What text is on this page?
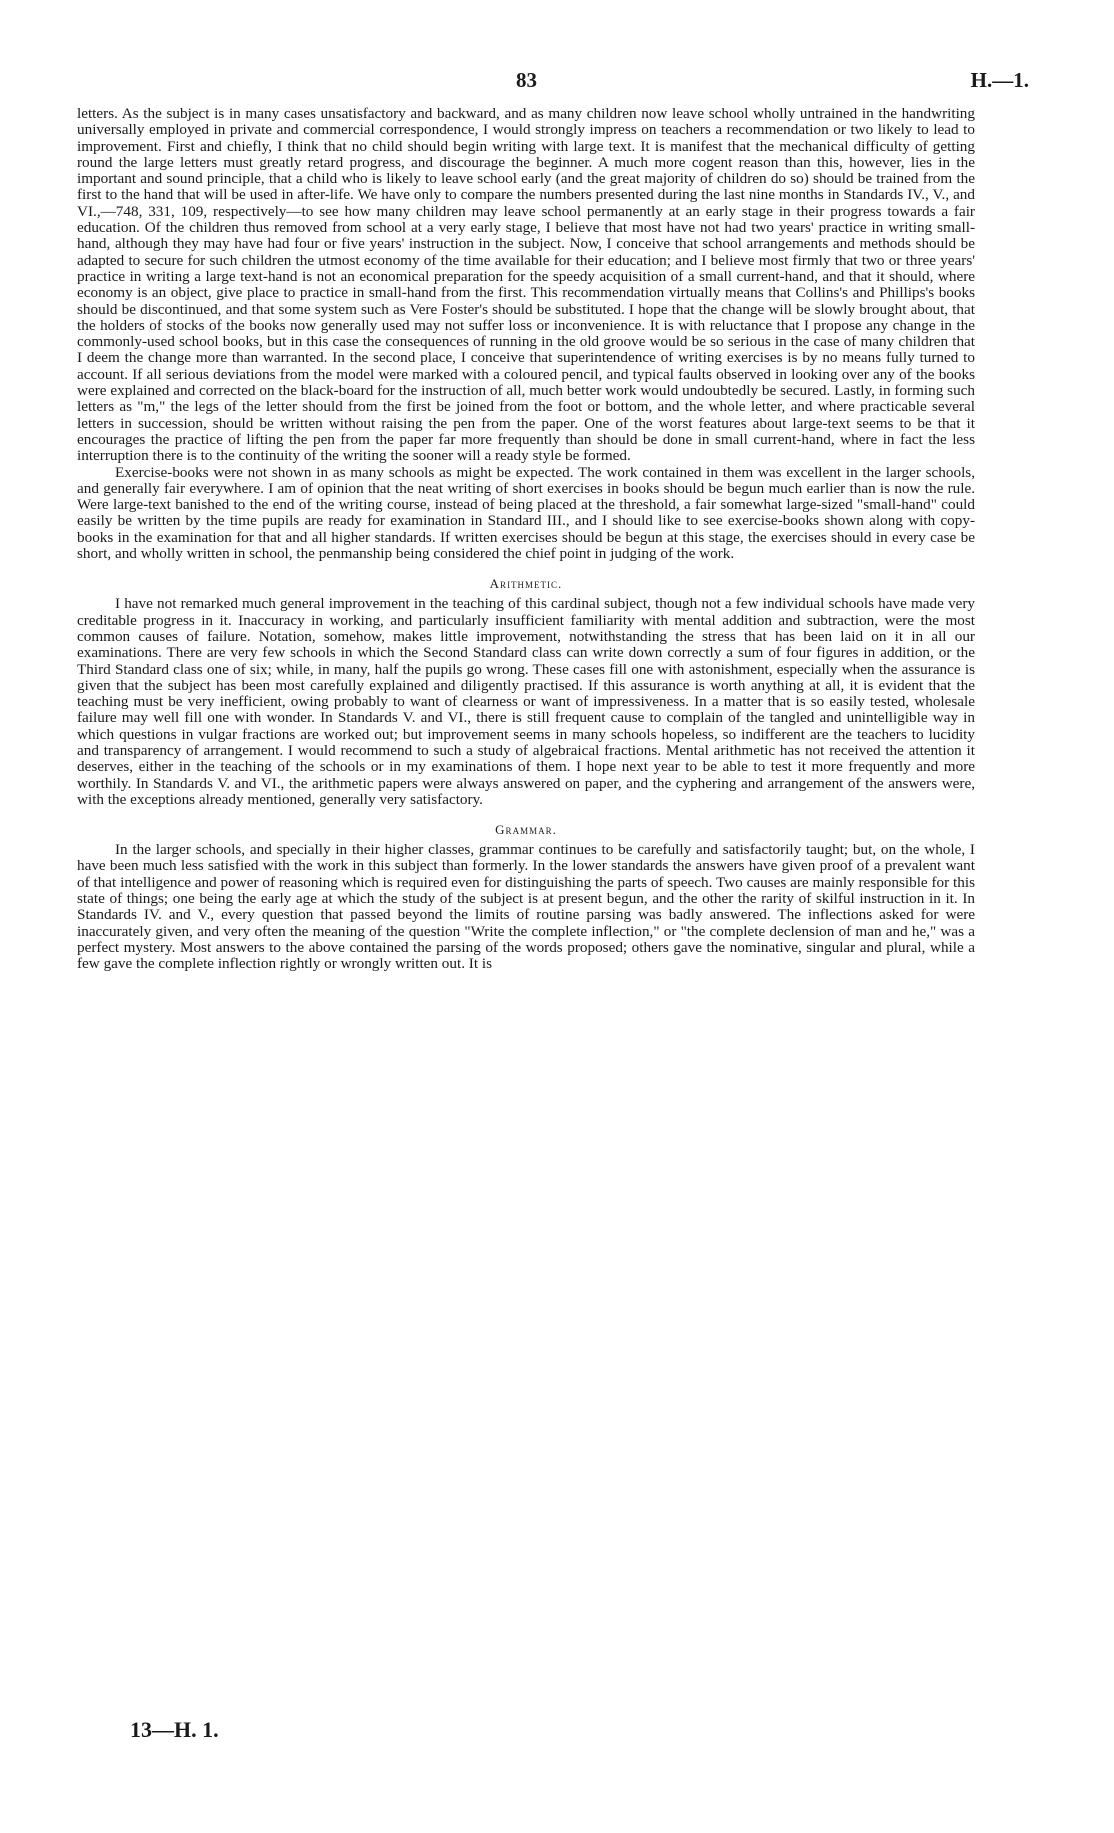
83	H.—1.

letters. As the subject is in many cases unsatisfactory and backward, and as many children now leave school wholly untrained in the handwriting universally employed in private and commercial correspondence, I would strongly impress on teachers a recommendation or two likely to lead to improvement. First and chiefly, I think that no child should begin writing with large text. It is manifest that the mechanical difficulty of getting round the large letters must greatly retard progress, and discourage the beginner. A much more cogent reason than this, however, lies in the important and sound principle, that a child who is likely to leave school early (and the great majority of children do so) should be trained from the first to the hand that will be used in after-life. We have only to compare the numbers presented during the last nine months in Standards IV., V., and VI.,—748, 331, 109, respectively—to see how many children may leave school permanently at an early stage in their progress towards a fair education. Of the children thus removed from school at a very early stage, I believe that most have not had two years' practice in writing small-hand, although they may have had four or five years' instruction in the subject. Now, I conceive that school arrangements and methods should be adapted to secure for such children the utmost economy of the time available for their education; and I believe most firmly that two or three years' practice in writing a large text-hand is not an economical preparation for the speedy acquisition of a small current-hand, and that it should, where economy is an object, give place to practice in small-hand from the first. This recommendation virtually means that Collins's and Phillips's books should be discontinued, and that some system such as Vere Foster's should be substituted. I hope that the change will be slowly brought about, that the holders of stocks of the books now generally used may not suffer loss or inconvenience. It is with reluctance that I propose any change in the commonly-used school books, but in this case the consequences of running in the old groove would be so serious in the case of many children that I deem the change more than warranted. In the second place, I conceive that superintendence of writing exercises is by no means fully turned to account. If all serious deviations from the model were marked with a coloured pencil, and typical faults observed in looking over any of the books were explained and corrected on the black-board for the instruction of all, much better work would undoubtedly be secured. Lastly, in forming such letters as "m," the legs of the letter should from the first be joined from the foot or bottom, and the whole letter, and where practicable several letters in succession, should be written without raising the pen from the paper. One of the worst features about large-text seems to be that it encourages the practice of lifting the pen from the paper far more frequently than should be done in small current-hand, where in fact the less interruption there is to the continuity of the writing the sooner will a ready style be formed.

Exercise-books were not shown in as many schools as might be expected. The work contained in them was excellent in the larger schools, and generally fair everywhere. I am of opinion that the neat writing of short exercises in books should be begun much earlier than is now the rule. Were large-text banished to the end of the writing course, instead of being placed at the threshold, a fair somewhat large-sized "small-hand" could easily be written by the time pupils are ready for examination in Standard III., and I should like to see exercise-books shown along with copy-books in the examination for that and all higher standards. If written exercises should be begun at this stage, the exercises should in every case be short, and wholly written in school, the penmanship being considered the chief point in judging of the work.

Arithmetic.

I have not remarked much general improvement in the teaching of this cardinal subject, though not a few individual schools have made very creditable progress in it. Inaccuracy in working, and particularly insufficient familiarity with mental addition and subtraction, were the most common causes of failure. Notation, somehow, makes little improvement, notwithstanding the stress that has been laid on it in all our examinations. There are very few schools in which the Second Standard class can write down correctly a sum of four figures in addition, or the Third Standard class one of six; while, in many, half the pupils go wrong. These cases fill one with astonishment, especially when the assurance is given that the subject has been most carefully explained and diligently practised. If this assurance is worth anything at all, it is evident that the teaching must be very inefficient, owing probably to want of clearness or want of impressiveness. In a matter that is so easily tested, wholesale failure may well fill one with wonder. In Standards V. and VI., there is still frequent cause to complain of the tangled and unintelligible way in which questions in vulgar fractions are worked out; but improvement seems in many schools hopeless, so indifferent are the teachers to lucidity and transparency of arrangement. I would recommend to such a study of algebraical fractions. Mental arithmetic has not received the attention it deserves, either in the teaching of the schools or in my examinations of them. I hope next year to be able to test it more frequently and more worthily. In Standards V. and VI., the arithmetic papers were always answered on paper, and the cyphering and arrangement of the answers were, with the exceptions already mentioned, generally very satisfactory.

Grammar.

In the larger schools, and specially in their higher classes, grammar continues to be carefully and satisfactorily taught; but, on the whole, I have been much less satisfied with the work in this subject than formerly. In the lower standards the answers have given proof of a prevalent want of that intelligence and power of reasoning which is required even for distinguishing the parts of speech. Two causes are mainly responsible for this state of things; one being the early age at which the study of the subject is at present begun, and the other the rarity of skilful instruction in it. In Standards IV. and V., every question that passed beyond the limits of routine parsing was badly answered. The inflections asked for were inaccurately given, and very often the meaning of the question "Write the complete inflection," or "the complete declension of man and he," was a perfect mystery. Most answers to the above contained the parsing of the words proposed; others gave the nominative, singular and plural, while a few gave the complete inflection rightly or wrongly written out. It is

13—H. 1.
